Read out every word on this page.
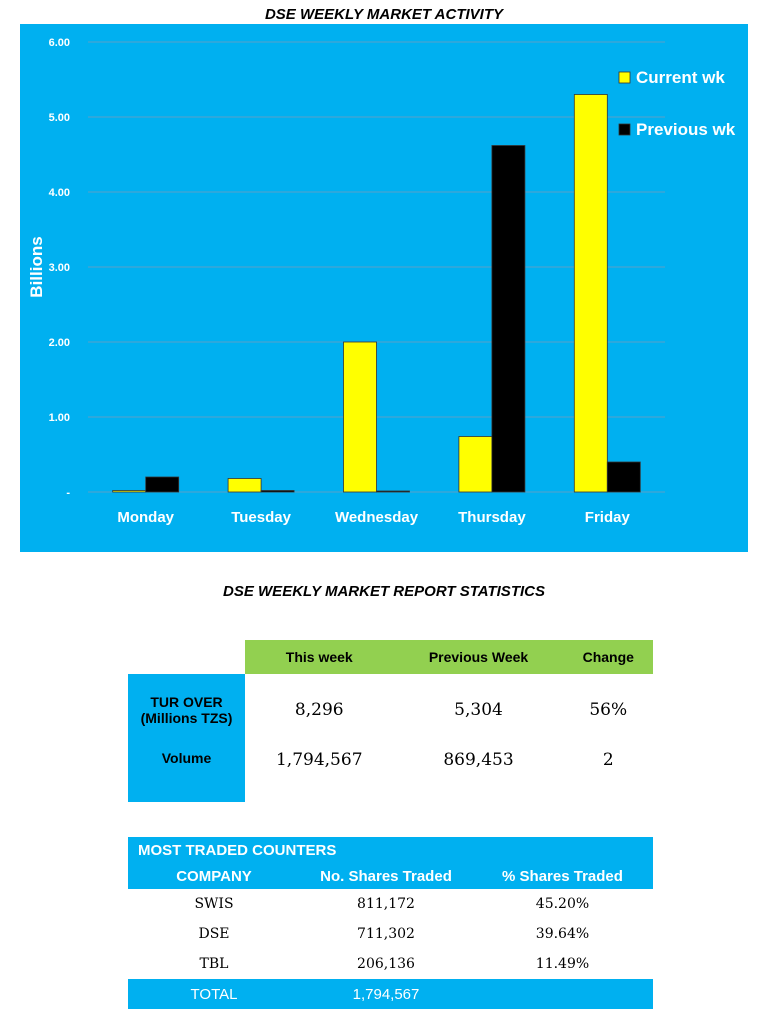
DSE WEEKLY MARKET ACTIVITY
-
1.00
2.00
3.00
4.00
5.00
6.00
Billions
Monday	Tuesday	Wednesday	Thursday	Friday
Current wk
Previous wk
DSE WEEKLY MARKET REPORT STATISTICS
	This week	Previous Week	Change

TUR OVER
(Millions TZS)	8,296	5,304	56%

Volume	1,794,567	869,453	2
MOST TRADED COUNTERS		
COMPANY	No. Shares Traded	% Shares Traded
SWIS	811,172	45.20%
DSE	711,302	39.64%
TBL	206,136	11.49%
TOTAL	1,794,567	
